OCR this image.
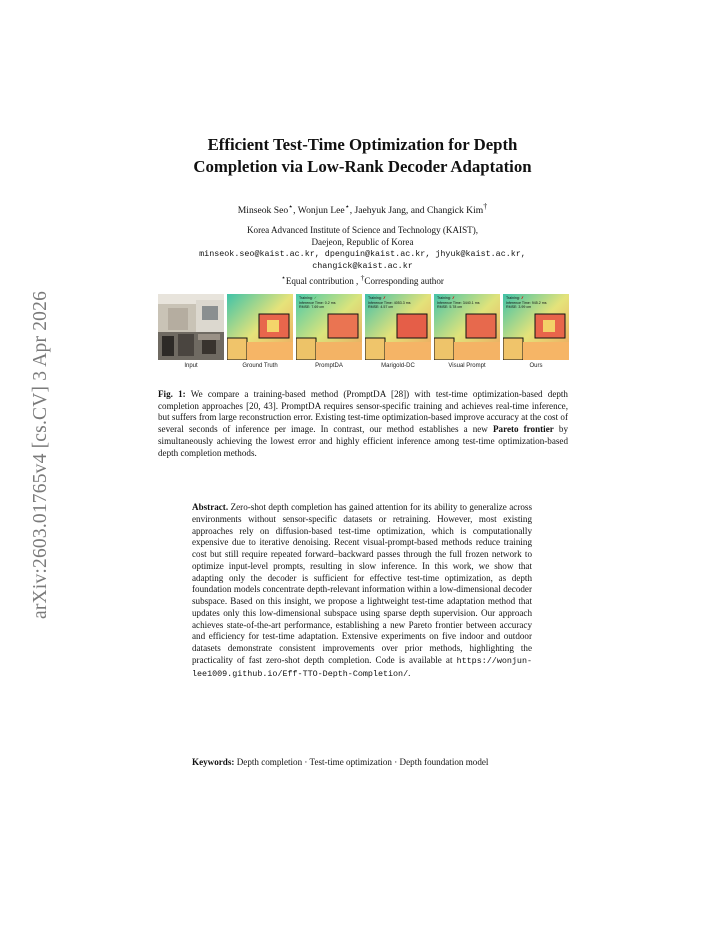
arXiv:2603.01765v4 [cs.CV] 3 Apr 2026
Efficient Test-Time Optimization for Depth
Completion via Low-Rank Decoder Adaptation
Minseok Seo⋆, Wonjun Lee⋆, Jaehyuk Jang, and Changick Kim†
Korea Advanced Institute of Science and Technology (KAIST),
Daejeon, Republic of Korea
minseok.seo@kaist.ac.kr, dpenguin@kaist.ac.kr, jhyuk@kaist.ac.kr,
changick@kaist.ac.kr
⋆Equal contribution , †Corresponding author
Training: ✓
Inference Time: 0.2 ms
RMSE: 7.69 cm
Training: ✗
Inference Time: 4053.3 ms
RMSE: 4.57 cm
Training: ✗
Inference Time: 3440.1 ms
RMSE: 5.78 cm
Training: ✗
Inference Time: 945.2 ms
RMSE: 3.99 cm
Input	Ground Truth	PromptDA	Marigold-DC	Visual Prompt	Ours
Fig. 1: We compare a training-based method (PromptDA [28]) with test-time optimization-based depth completion approaches [20, 43]. PromptDA requires sensor-specific training and achieves real-time inference, but suffers from large reconstruction error. Existing test-time optimization-based improve accuracy at the cost of several seconds of inference per image. In contrast, our method establishes a new Pareto frontier by simultaneously achieving the lowest error and highly efficient inference among test-time optimization-based depth completion methods.
Abstract. Zero-shot depth completion has gained attention for its ability to generalize across environments without sensor-specific datasets or retraining. However, most existing approaches rely on diffusion-based test-time optimization, which is computationally expensive due to iterative denoising. Recent visual-prompt-based methods reduce training cost but still require repeated forward–backward passes through the full frozen network to optimize input-level prompts, resulting in slow inference. In this work, we show that adapting only the decoder is sufficient for effective test-time optimization, as depth foundation models concentrate depth-relevant information within a low-dimensional decoder subspace. Based on this insight, we propose a lightweight test-time adaptation method that updates only this low-dimensional subspace using sparse depth supervision. Our approach achieves state-of-the-art performance, establishing a new Pareto frontier between accuracy and efficiency for test-time adaptation. Extensive experiments on five indoor and outdoor datasets demonstrate consistent improvements over prior methods, highlighting the practicality of fast zero-shot depth completion. Code is available at https://wonjun-lee1009.github.io/Eff-TTO-Depth-Completion/.
Keywords: Depth completion · Test-time optimization · Depth foundation model
